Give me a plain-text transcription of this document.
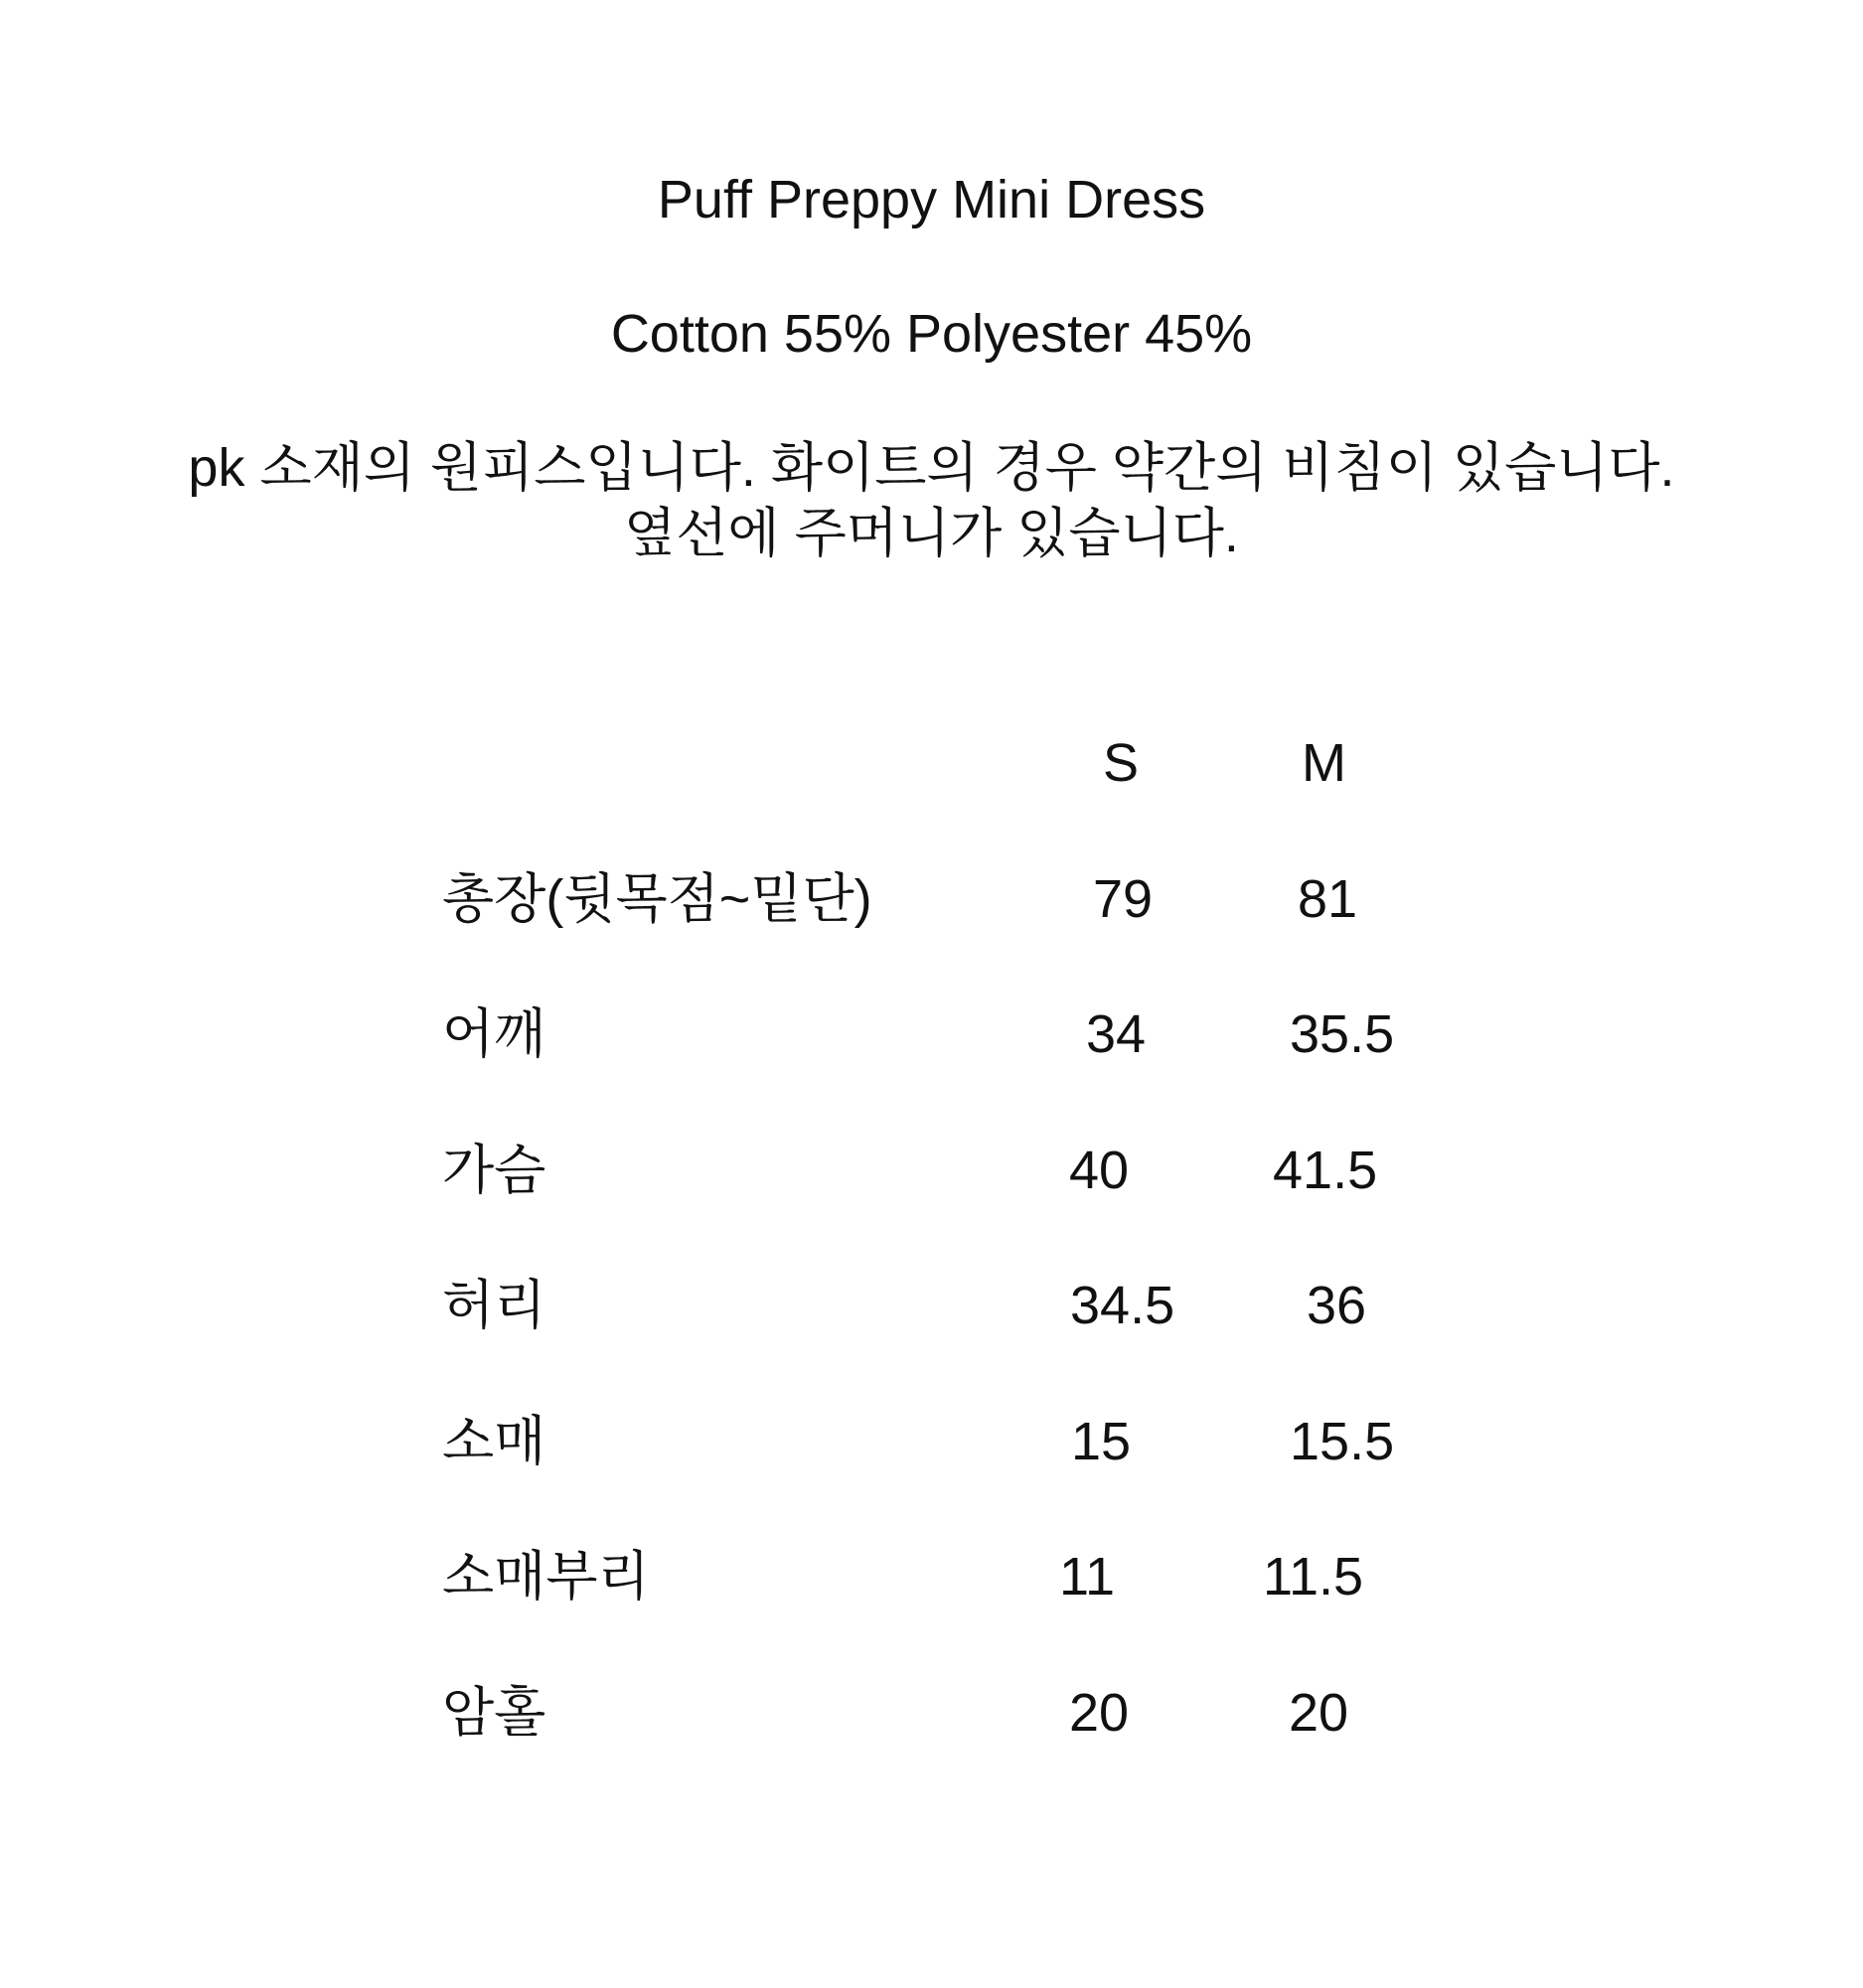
Puff Preppy Mini Dress
Cotton 55% Polyester 45%
pk 소재의 원피스입니다. 화이트의 경우 약간의 비침이 있습니다.
옆선에 주머니가 있습니다.
S	M
총장(뒷목점~밑단)	79	81
어깨	34	35.5
가슴	40	41.5
허리	34.5 36
소매	15	15.5
소매부리	11	11.5
암홀	20	20
